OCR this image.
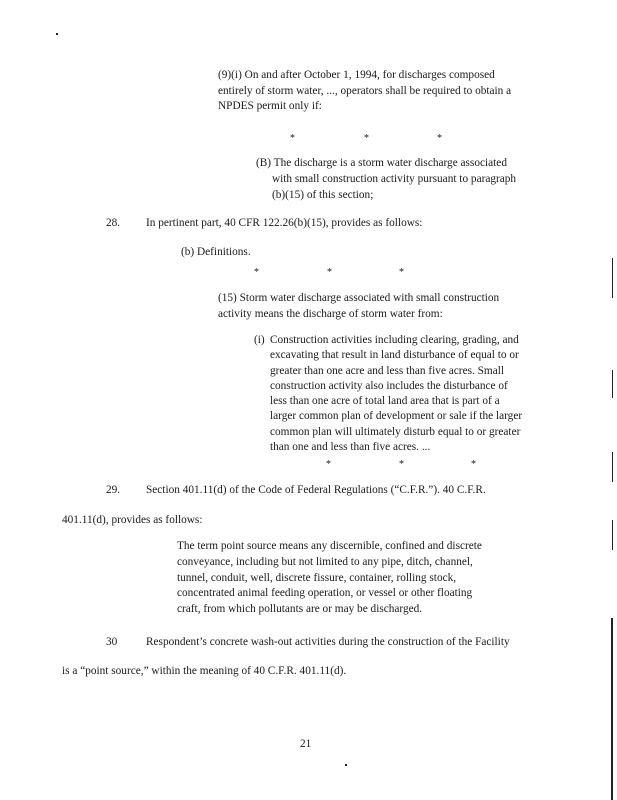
(9)(i) On and after October 1, 1994, for discharges composed
entirely of storm water, ..., operators shall be required to obtain a
NPDES permit only if:
*	*	*
(B) The discharge is a storm water discharge associated
with small construction activity pursuant to paragraph
(b)(15) of this section;
28. In pertinent part, 40 CFR 122.26(b)(15), provides as follows:
(b) Definitions.
*	*	*
(15) Storm water discharge associated with small construction
activity means the discharge of storm water from:
(i) Construction activities including clearing, grading, and
excavating that result in land disturbance of equal to or
greater than one acre and less than five acres. Small
construction activity also includes the disturbance of
less than one acre of total land area that is part of a
larger common plan of development or sale if the larger
common plan will ultimately disturb equal to or greater
than one and less than five acres. ...
*	*	*
29. Section 401.11(d) of the Code of Federal Regulations (“C.F.R.”). 40 C.F.R.
401.11(d), provides as follows:
The term point source means any discernible, confined and discrete
conveyance, including but not limited to any pipe, ditch, channel,
tunnel, conduit, well, discrete fissure, container, rolling stock,
concentrated animal feeding operation, or vessel or other floating
craft, from which pollutants are or may be discharged.
30	Respondent’s concrete wash-out activities during the construction of the Facility
is a “point source,” within the meaning of 40 C.F.R. 401.11(d).
21
